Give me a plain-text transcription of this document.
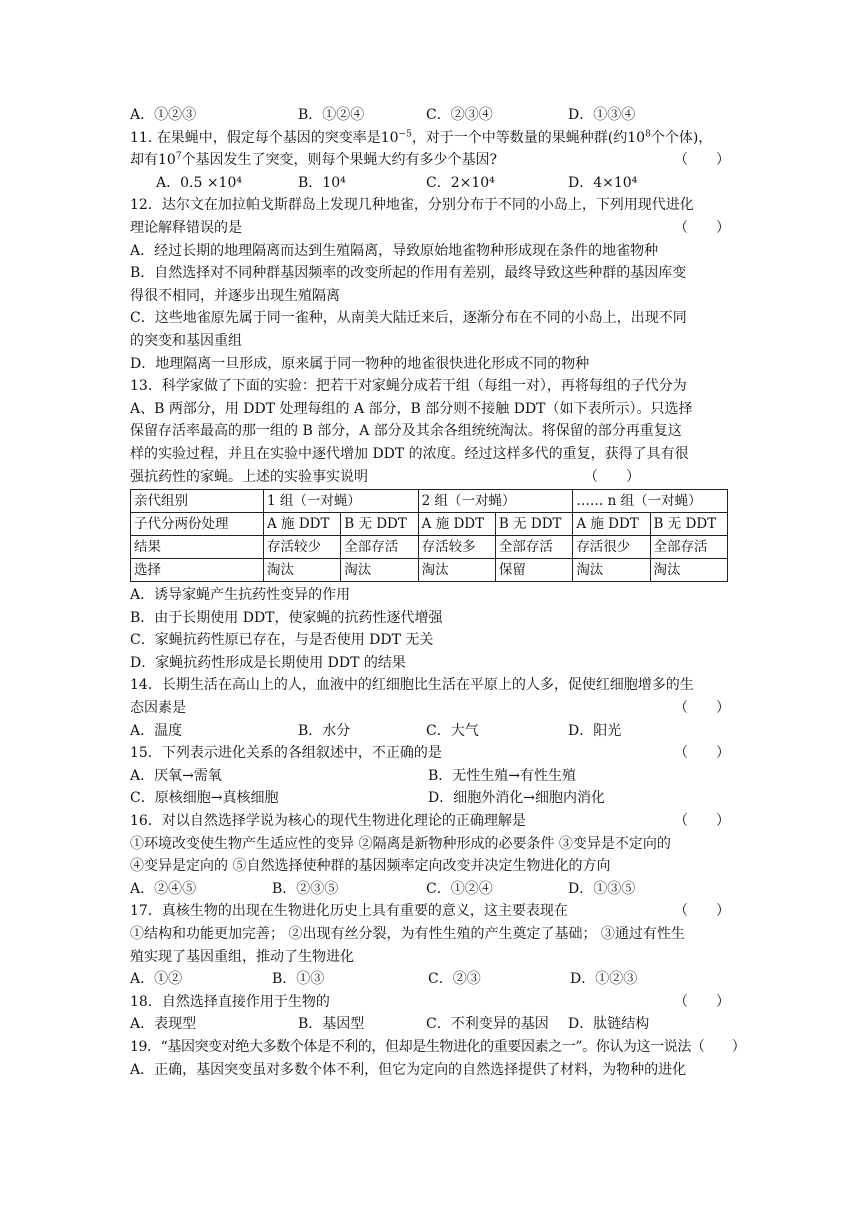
A．①②③	B．①②④	C．②③④	D．①③④
11. 在果蝇中，假定每个基因的突变率是$10^{-5}$，对于一个中等数量的果蝇种群(约$10^8$个个体)，
却有$10^7$个基因发生了突变，则每个果蝇大约有多少个基因?	（　　）
A．0.5 ×10⁴	B．10⁴	C．2×10⁴	D．4×10⁴
12．达尔文在加拉帕戈斯群岛上发现几种地雀，分别分布于不同的小岛上，下列用现代进化
理论解释错误的是	（　　）
A．经过长期的地理隔离而达到生殖隔离，导致原始地雀物种形成现在条件的地雀物种
B．自然选择对不同种群基因频率的改变所起的作用有差别，最终导致这些种群的基因库变
得很不相同，并逐步出现生殖隔离
C．这些地雀原先属于同一雀种，从南美大陆迁来后，逐渐分布在不同的小岛上，出现不同
的突变和基因重组
D．地理隔离一旦形成，原来属于同一物种的地雀很快进化形成不同的物种
13．科学家做了下面的实验：把若干对家蝇分成若干组（每组一对），再将每组的子代分为
A、B 两部分，用 DDT 处理每组的 A 部分，B 部分则不接触 DDT（如下表所示）。只选择
保留存活率最高的那一组的 B 部分，A 部分及其余各组统统淘汰。将保留的部分再重复这
样的实验过程，并且在实验中逐代增加 DDT 的浓度。经过这样多代的重复，获得了具有很
强抗药性的家蝇。上述的实验事实说明	（　　）
亲代组别	1 组（一对蝇）		2 组（一对蝇）		…… n 组（一对蝇）	
子代分两份处理	A 施 DDT	B 无 DDT	A 施 DDT	B 无 DDT	A 施 DDT	B 无 DDT
结果	存活较少	全部存活	存活较多	全部存活	存活很少	全部存活
选择	淘汰	淘汰	淘汰	保留	淘汰	淘汰
A．诱导家蝇产生抗药性变异的作用
B．由于长期使用 DDT，使家蝇的抗药性逐代增强
C．家蝇抗药性原已存在，与是否使用 DDT 无关
D．家蝇抗药性形成是长期使用 DDT 的结果
14．长期生活在高山上的人，血液中的红细胞比生活在平原上的人多，促使红细胞增多的生
态因素是	（　　）
A．温度	B．水分	C．大气	D．阳光
15．下列表示进化关系的各组叙述中，不正确的是	（　　）
A．厌氧→需氧	B．无性生殖→有性生殖
C．原核细胞→真核细胞	D．细胞外消化→细胞内消化
16．对以自然选择学说为核心的现代生物进化理论的正确理解是	（　　）
①环境改变使生物产生适应性的变异 ②隔离是新物种形成的必要条件 ③变异是不定向的
④变异是定向的 ⑤自然选择使种群的基因频率定向改变并决定生物进化的方向
A．②④⑤	B．②③⑤	C．①②④	D．①③⑤
17．真核生物的出现在生物进化历史上具有重要的意义，这主要表现在	（　　）
①结构和功能更加完善； ②出现有丝分裂，为有性生殖的产生奠定了基础； ③通过有性生
殖实现了基因重组，推动了生物进化
A．①②	B．①③	C．②③	D．①②③
18．自然选择直接作用于生物的	（　　）
A．表现型	B．基因型	C．不利变异的基因	D．肽链结构
19．“基因突变对绝大多数个体是不利的，但却是生物进化的重要因素之一”。你认为这一说法（　　）
A．正确，基因突变虽对多数个体不利，但它为定向的自然选择提供了材料，为物种的进化
